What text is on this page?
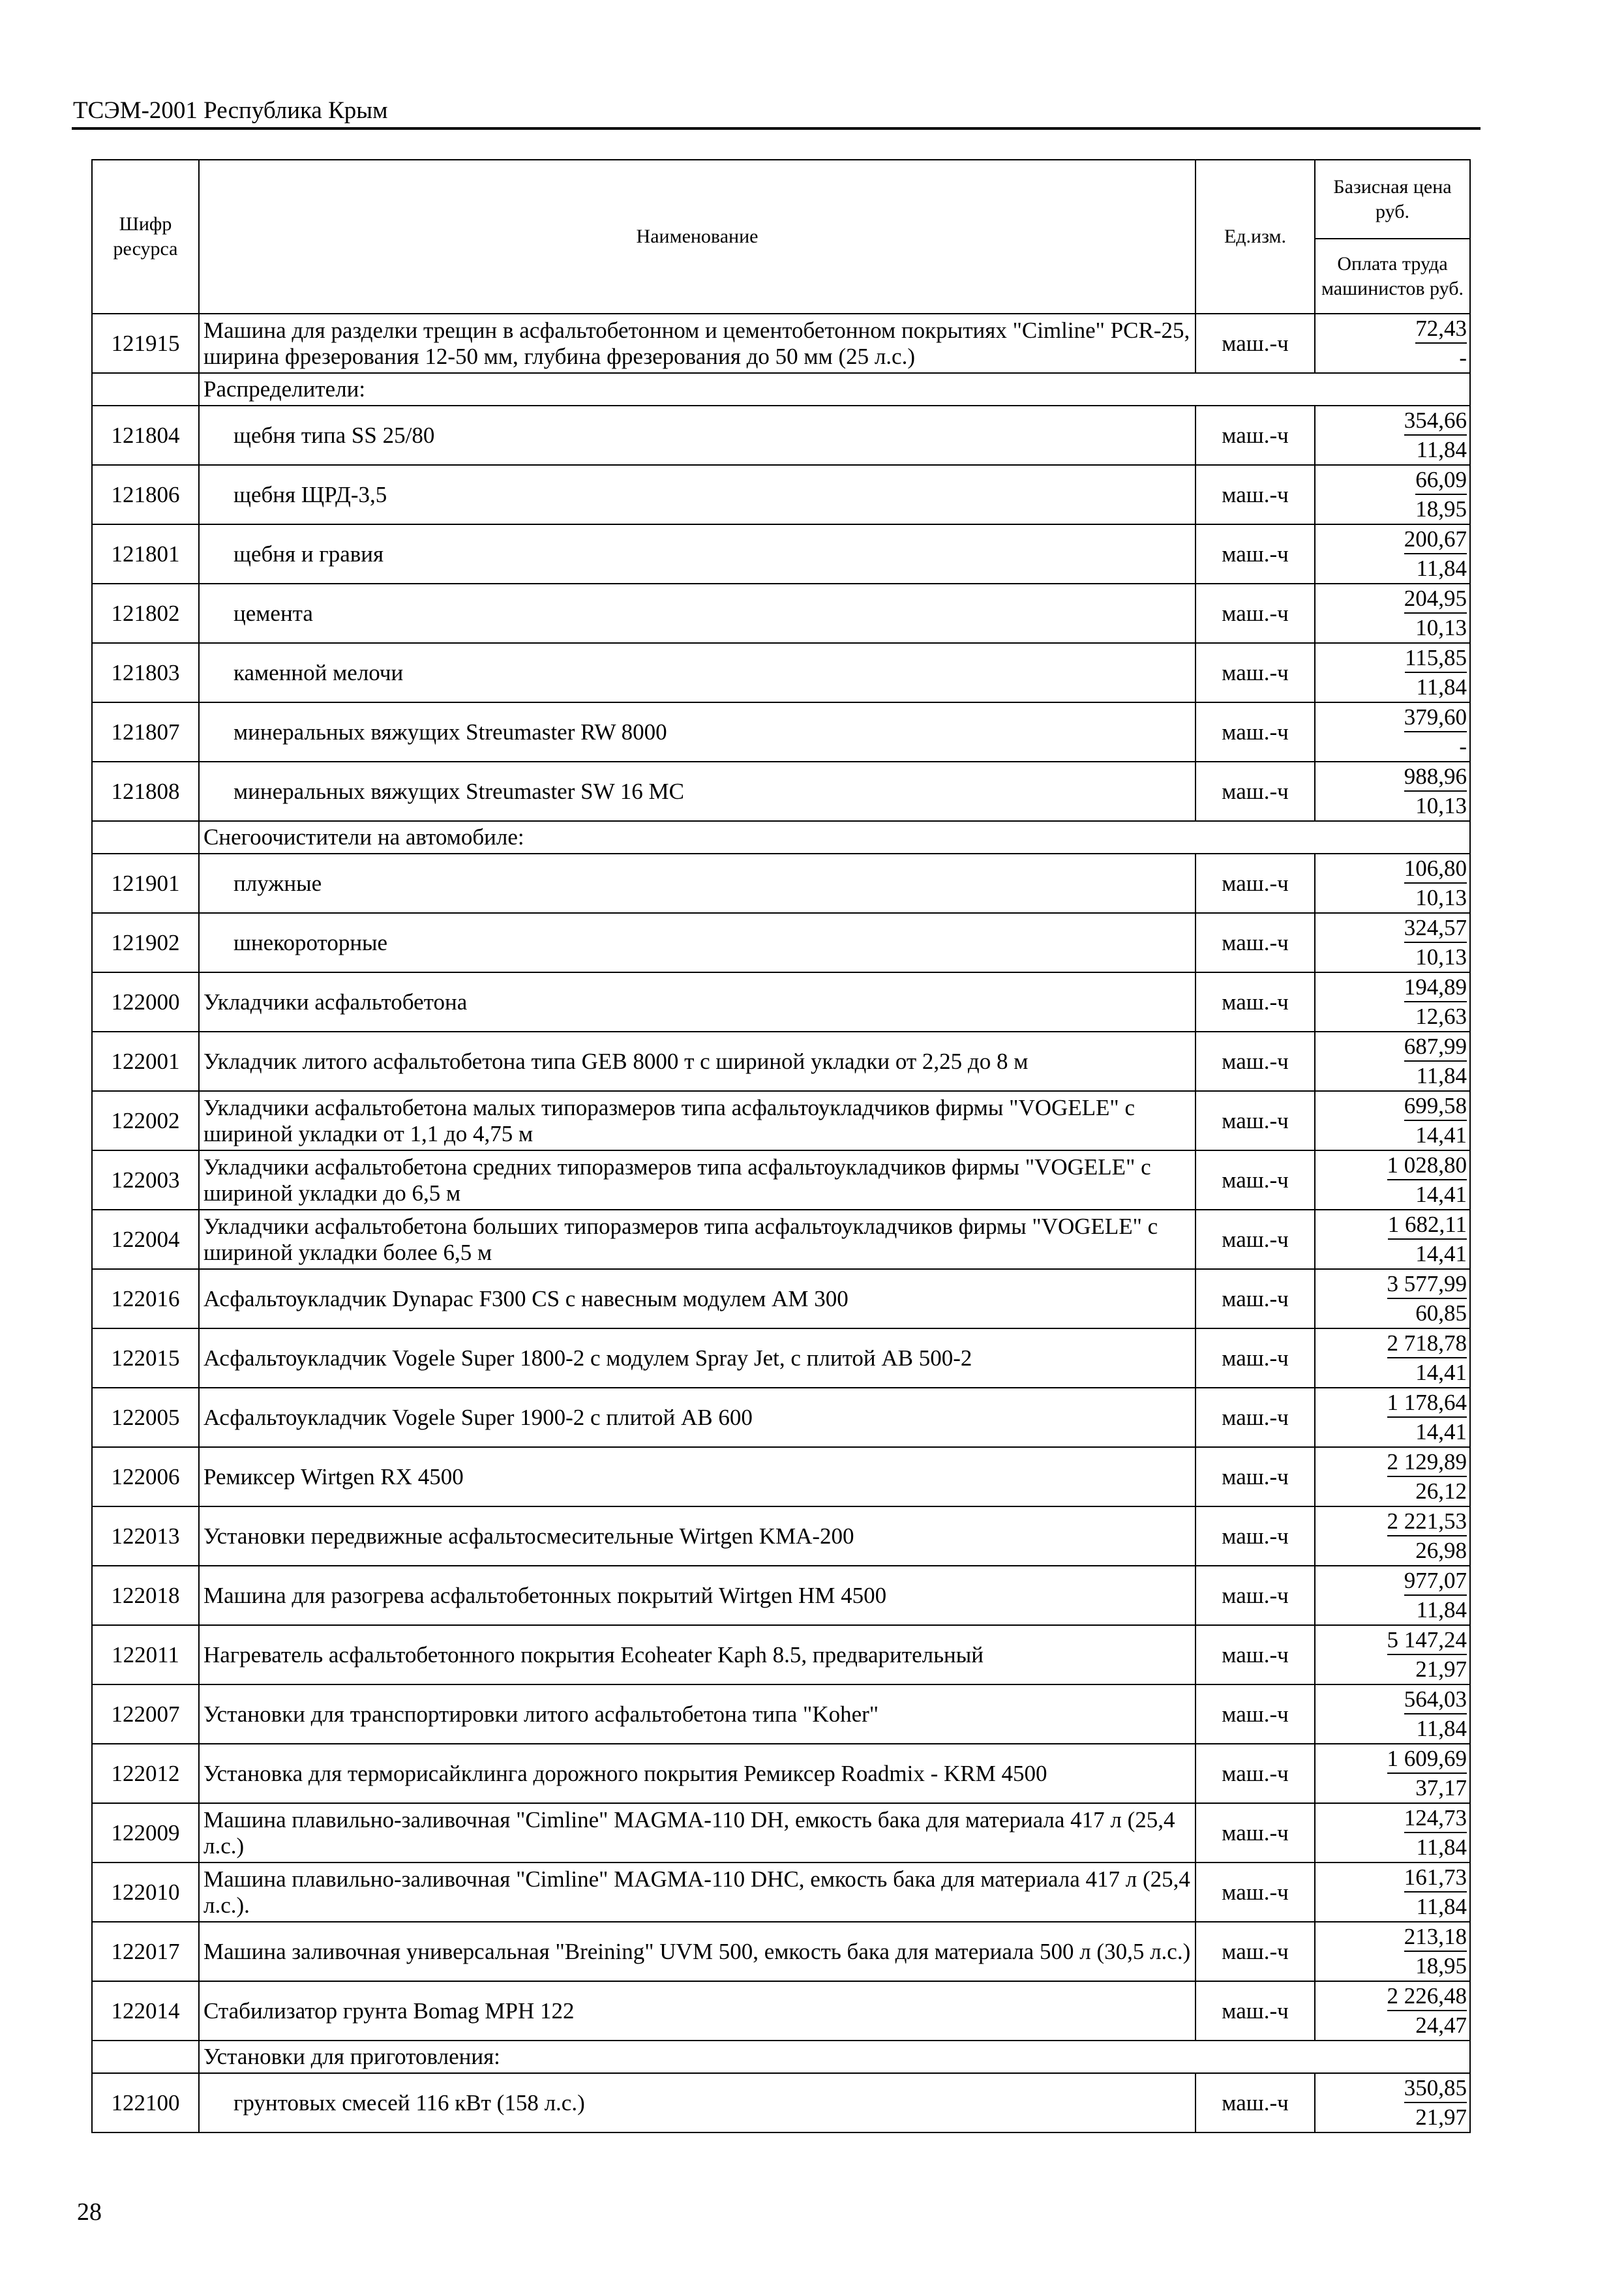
ТСЭМ-2001 Республика Крым
Шифр ресурса	Наименование	Ед.изм.	Базисная цена руб.
			Оплата труда машинистов руб.
121915	Машина для разделки трещин в асфальтобетонном и цементобетонном покрытиях "Cimline" PCR-25, ширина фрезерования 12-50 мм, глубина фрезерования до 50 мм (25 л.с.)	маш.-ч	72,43
-

	Распределители:		
121804	щебня типа SS 25/80	маш.-ч	354,66
11,84

121806	щебня ЩРД-3,5	маш.-ч	66,09
18,95

121801	щебня и гравия	маш.-ч	200,67
11,84

121802	цемента	маш.-ч	204,95
10,13

121803	каменной мелочи	маш.-ч	115,85
11,84

121807	минеральных вяжущих Streumaster RW 8000	маш.-ч	379,60
-

121808	минеральных вяжущих Streumaster SW 16 MC	маш.-ч	988,96
10,13

	Снегоочистители на автомобиле:		
121901	плужные	маш.-ч	106,80
10,13

121902	шнекороторные	маш.-ч	324,57
10,13

122000	Укладчики асфальтобетона	маш.-ч	194,89
12,63

122001	Укладчик литого асфальтобетона типа GEB 8000 т с шириной укладки от 2,25 до 8 м	маш.-ч	687,99
11,84

122002	Укладчики асфальтобетона малых типоразмеров типа асфальтоукладчиков фирмы "VOGELE" с шириной укладки от 1,1 до 4,75 м	маш.-ч	699,58
14,41

122003	Укладчики асфальтобетона средних типоразмеров типа асфальтоукладчиков фирмы "VOGELE" с шириной укладки до 6,5 м	маш.-ч	1 028,80
14,41

122004	Укладчики асфальтобетона больших типоразмеров типа асфальтоукладчиков фирмы "VOGELE" с шириной укладки более 6,5 м	маш.-ч	1 682,11
14,41

122016	Асфальтоукладчик Dynapac F300 CS с навесным модулем AM 300	маш.-ч	3 577,99
60,85

122015	Асфальтоукладчик Vogele Super 1800-2 с модулем Spray Jet, с плитой AB 500-2	маш.-ч	2 718,78
14,41

122005	Асфальтоукладчик Vogele Super 1900-2 с плитой AB 600	маш.-ч	1 178,64
14,41

122006	Ремиксер Wirtgen RX 4500	маш.-ч	2 129,89
26,12

122013	Установки передвижные асфальтосмесительные Wirtgen KMA-200	маш.-ч	2 221,53
26,98

122018	Машина для разогрева асфальтобетонных покрытий Wirtgen HM 4500	маш.-ч	977,07
11,84

122011	Нагреватель асфальтобетонного покрытия Ecoheater Kaph 8.5, предварительный	маш.-ч	5 147,24
21,97

122007	Установки для транспортировки литого асфальтобетона типа "Koher"	маш.-ч	564,03
11,84

122012	Установка для терморисайклинга дорожного покрытия Ремиксер Roadmix - KRM 4500	маш.-ч	1 609,69
37,17

122009	Машина плавильно-заливочная "Cimline" MAGMA-110 DH, емкость бака для материала 417 л (25,4 л.с.)	маш.-ч	124,73
11,84

122010	Машина плавильно-заливочная "Cimline" MAGMA-110 DHC, емкость бака для материала 417 л (25,4 л.с.).	маш.-ч	161,73
11,84

122017	Машина заливочная универсальная "Breining" UVM 500, емкость бака для материала 500 л (30,5 л.с.)	маш.-ч	213,18
18,95

122014	Стабилизатор грунта Bomag MPH 122	маш.-ч	2 226,48
24,47

	Установки для приготовления:		
122100	грунтовых смесей 116 кВт (158 л.с.)	маш.-ч	350,85
21,97
28
